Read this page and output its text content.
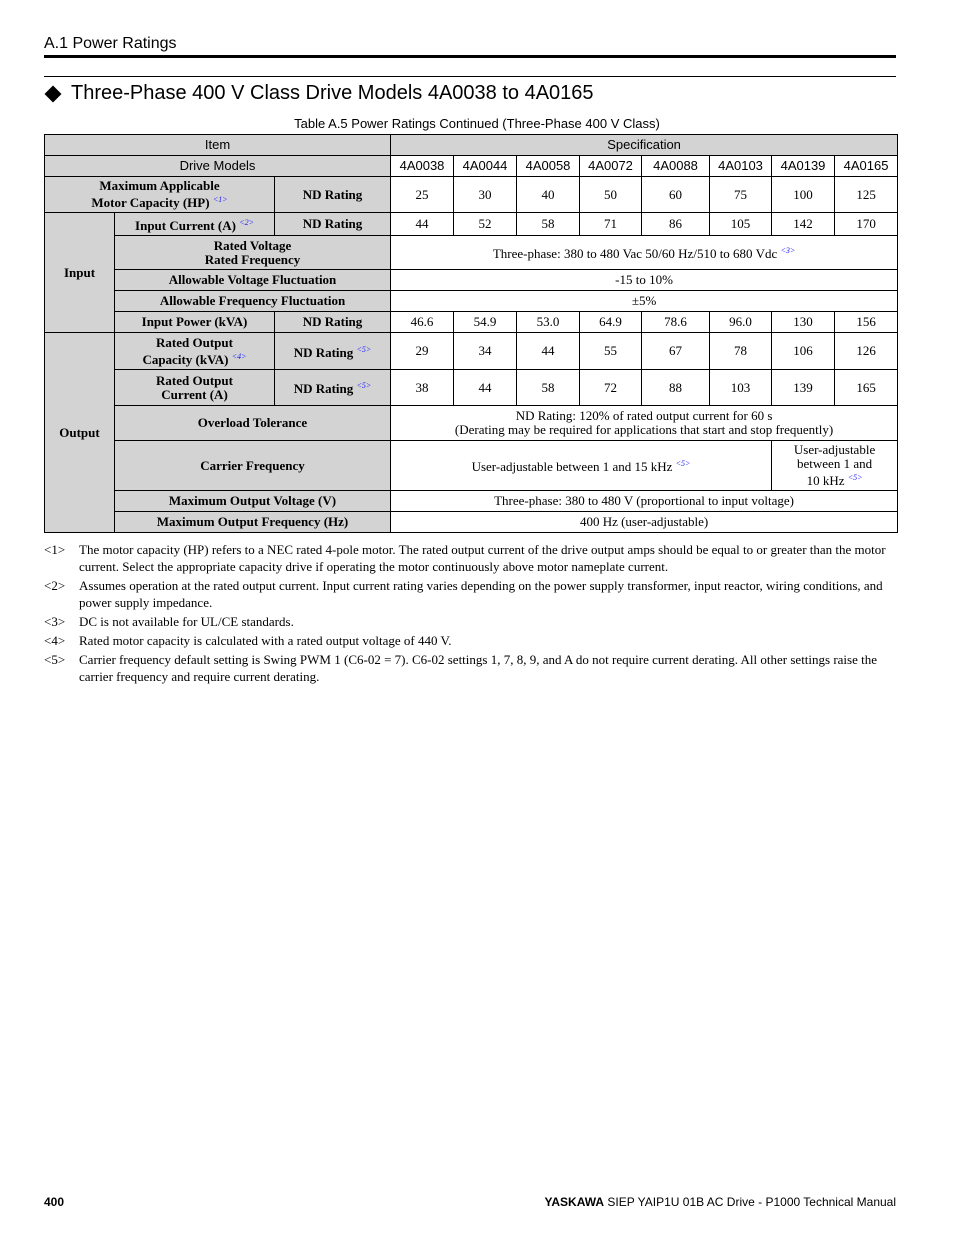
A.1 Power Ratings
Three-Phase 400 V Class Drive Models 4A0038 to 4A0165
Table A.5 Power Ratings Continued (Three-Phase 400 V Class)
Item			Specification							
Drive Models			4A0038	4A0044	4A0058	4A0072	4A0088	4A0103	4A0139	4A0165
Maximum Applicable
Motor Capacity (HP) $^{<1>}$		ND Rating	25	30	40	50	60	75	100	125
Input	Input Current (A) $^{<2>}$	ND Rating	44	52	58	71	86	105	142	170
	Rated Voltage
Rated Frequency		Three-phase: 380 to 480 Vac 50/60 Hz/510 to 680 Vdc $^{<3>}$
	Allowable Voltage Fluctuation		-15 to 10%							
	Allowable Frequency Fluctuation		±5%							
	Input Power (kVA)	ND Rating	46.6	54.9	53.0	64.9	78.6	96.0	130	156
Output	Rated Output
Capacity (kVA) $^{<4>}$	ND Rating $^{<5>}$	29	34	44	55	67	78	106	126
	Rated Output
Current (A)	ND Rating $^{<5>}$	38	44	58	72	88	103	139	165
	Overload Tolerance		ND Rating: 120% of rated output current for 60 s
(Derating may be required for applications that start and stop frequently)							
	Carrier Frequency		User-adjustable between 1 and 15 kHz $^{<5>}$						User-adjustable
between 1 and
10 kHz $^{<5>}$
	Maximum Output Voltage (V)		Three-phase: 380 to 480 V (proportional to input voltage)							
	Maximum Output Frequency (Hz)		400 Hz (user-adjustable)							
<1>	The motor capacity (HP) refers to a NEC rated 4-pole motor. The rated output current of the drive output amps should be equal to or greater than the motor current. Select the appropriate capacity drive if operating the motor continuously above motor nameplate current.
<2>	Assumes operation at the rated output current. Input current rating varies depending on the power supply transformer, input reactor, wiring conditions, and power supply impedance.
<3>	DC is not available for UL/CE standards.
<4>	Rated motor capacity is calculated with a rated output voltage of 440 V.
<5>	Carrier frequency default setting is Swing PWM 1 (C6-02 = 7). C6-02 settings 1, 7, 8, 9, and A do not require current derating. All other settings raise the carrier frequency and require current derating.
400	YASKAWA SIEP YAIP1U 01B AC Drive - P1000 Technical Manual
